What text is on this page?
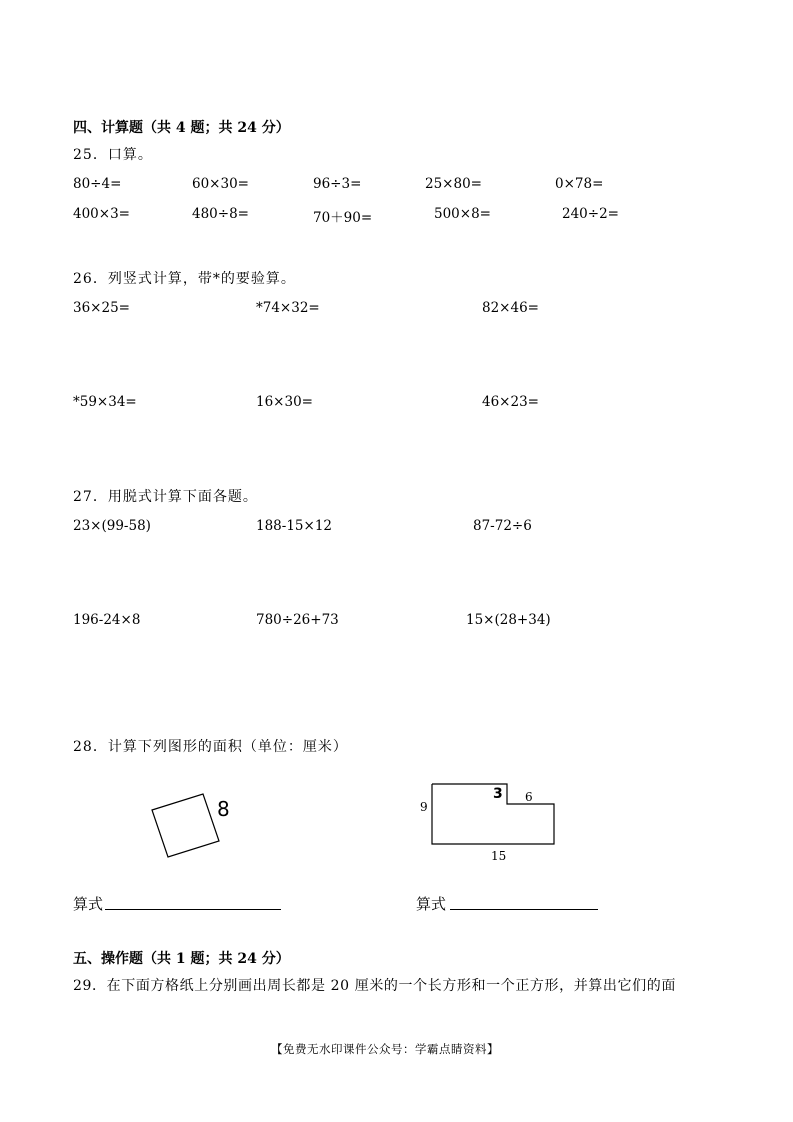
四、计算题（共 4 题；共 24 分）
25．口算。
80÷4=	60×30=	96÷3=	25×80=	0×78=
400×3=	480÷8=	70＋90=	500×8=	240÷2=
26．列竖式计算，带*的要验算。
36×25=	*74×32=	82×46=
*59×34=	16×30=	46×23=
27．用脱式计算下面各题。
23×(99-58)	188-15×12	87-72÷6
196-24×8	780÷26+73	15×(28+34)
28．计算下列图形的面积（单位：厘米）
8	9
3 6
15
算式	算式
五、操作题（共 1 题；共 24 分）
29．在下面方格纸上分别画出周长都是 20 厘米的一个长方形和一个正方形，并算出它们的面
【免费无水印课件公众号：学霸点睛资料】
